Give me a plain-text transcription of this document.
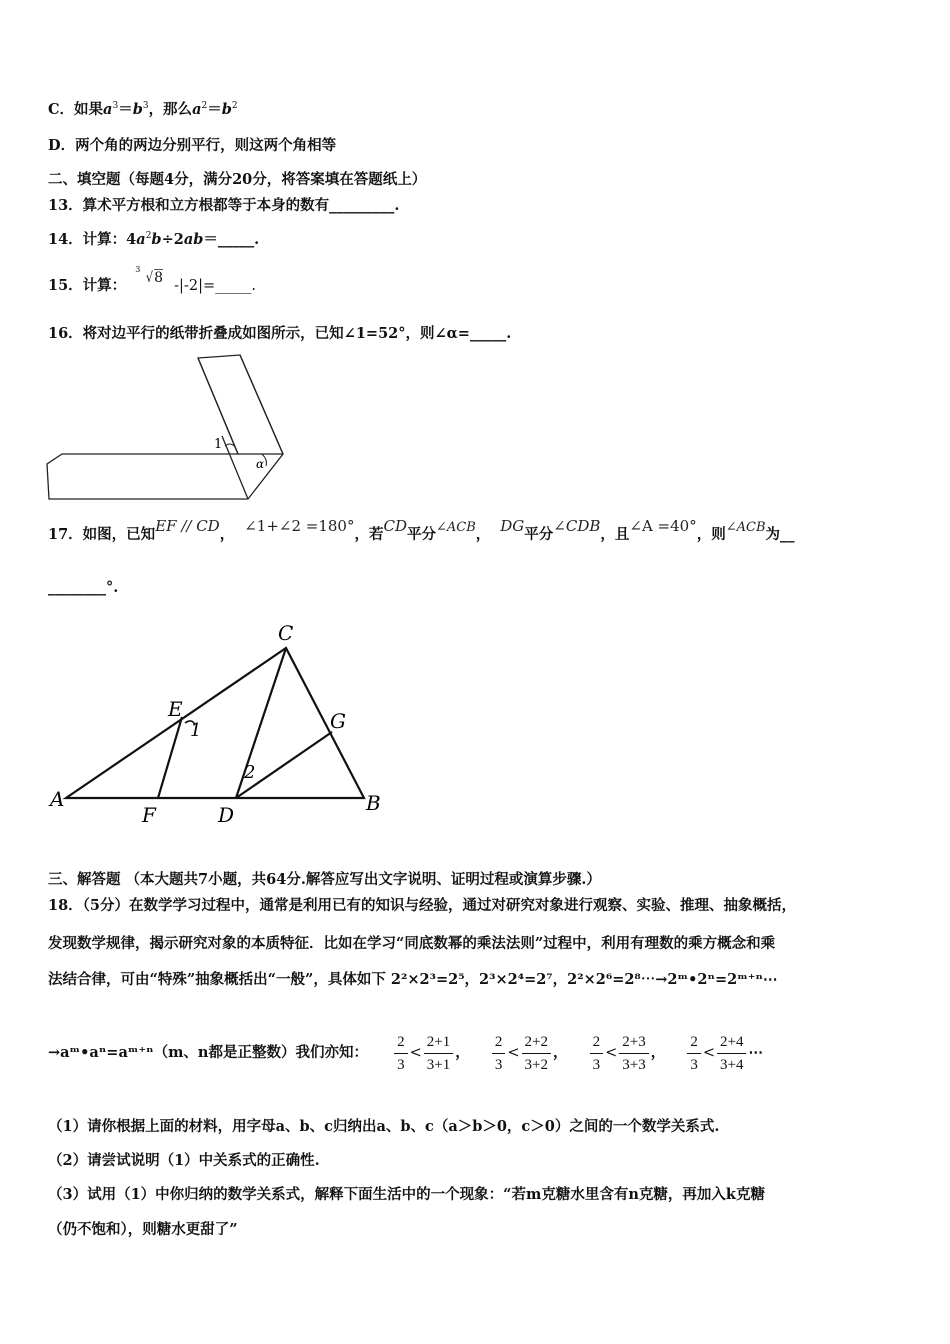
C．如果$a^3=b^3$，那么$a^2=b^2$
D．两个角的两边分别平行，则这两个角相等
二、填空题（每题4分，满分20分，将答案填在答题纸上）
13．算术平方根和立方根都等于本身的数有_________.
14．计算：$4a^2b\div 2ab=\_\_\_\_\_$.
15．计算：
3
√8 -|-2|=_____.
16．将对边平行的纸带折叠成如图所示，已知∠1=52°，则∠α=_____.
1
α
17．如图，已知EF // CD， ∠1+∠2 =180°，若CD平分∠ACB， DG平分∠CDB，且∠A =40°，则∠ACB为__
________°.
C
E	G
A
F	D	B
1
2
三、解答题 （本大题共7小题，共64分.解答应写出文字说明、证明过程或演算步骤.）
18．（5分）在数学学习过程中，通常是利用已有的知识与经验，通过对研究对象进行观察、实验、推理、抽象概括，
发现数学规律，揭示研究对象的本质特征．比如在学习“同底数幂的乘法法则”过程中，利用有理数的乘方概念和乘
法结合律，可由“特殊”抽象概括出“一般”，具体如下 2²×2³=2⁵，2³×2⁴=2⁷，2²×2⁶=2⁸⋯→2ᵐ•2ⁿ=2ᵐ⁺ⁿ⋯
→aᵐ•aⁿ=aᵐ⁺ⁿ（m、n都是正整数）我们亦知： $\frac{2}{3} < \frac{2+1}{3+1}$ ， $\frac{2}{3} < \frac{2+2}{3+2}$ ， $\frac{2}{3} < \frac{2+3}{3+3}$ ， $\frac{2}{3} < \frac{2+4}{3+4}$ ⋯
（1）请你根据上面的材料，用字母a、b、c归纳出a、b、c（a＞b＞0，c＞0）之间的一个数学关系式.
（2）请尝试说明（1）中关系式的正确性.
（3）试用（1）中你归纳的数学关系式，解释下面生活中的一个现象：“若m克糖水里含有n克糖，再加入k克糖
（仍不饱和），则糖水更甜了”
